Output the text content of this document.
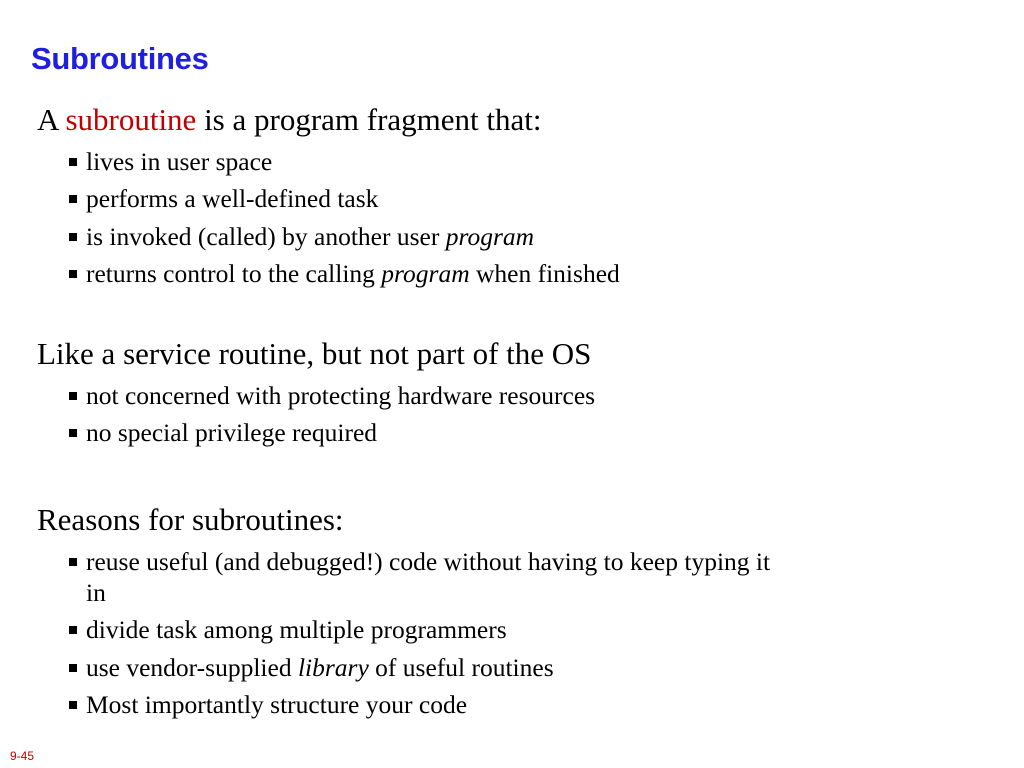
Subroutines

A subroutine is a program fragment that:

lives in user space
performs a well-defined task
is invoked (called) by another user program
returns control to the calling program when finished

Like a service routine, but not part of the OS

not concerned with protecting hardware resources
no special privilege required

Reasons for subroutines:

reuse useful (and debugged!) code without having to keep typing it in
divide task among multiple programmers
use vendor-supplied library of useful routines
Most importantly structure your code
9-45
